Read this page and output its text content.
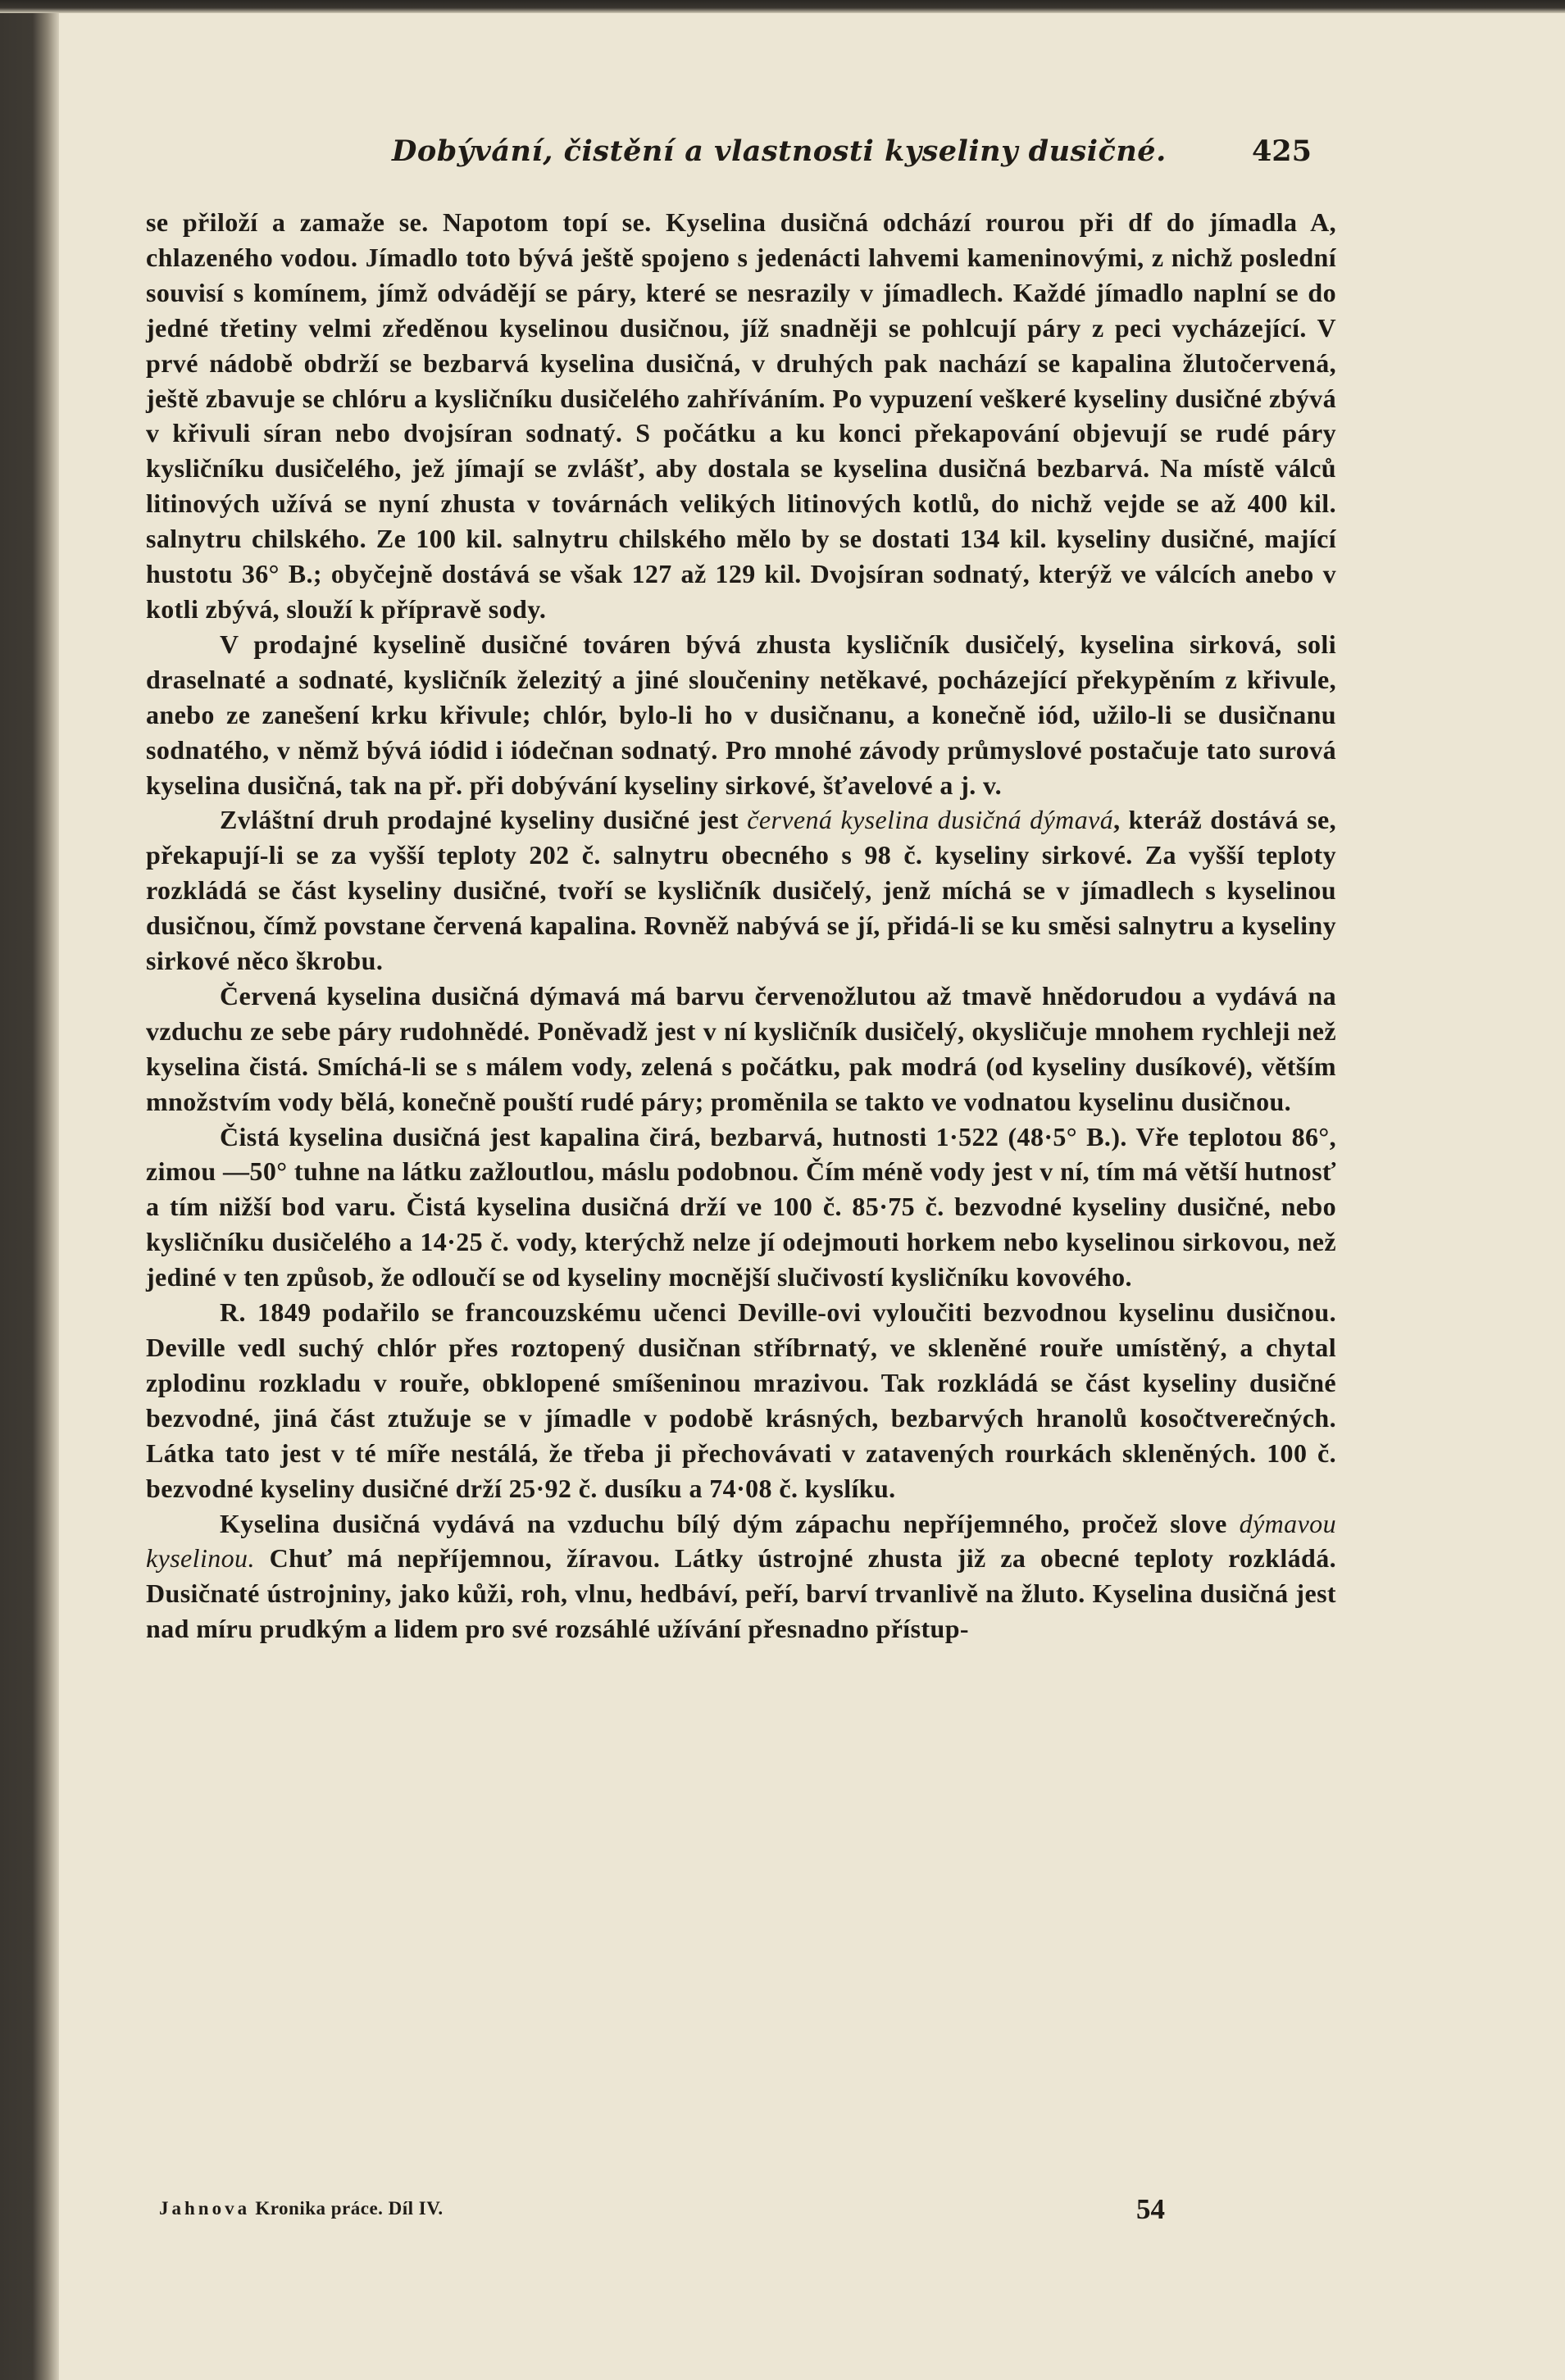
Dobývání, čistění a vlastnosti kyseliny dusičné.	425

se přiloží a zamaže se. Napotom topí se. Kyselina dusičná odchází rourou při df do jímadla A, chlazeného vodou. Jímadlo toto bývá ještě spojeno s jedenácti lahvemi kameninovými, z nichž poslední souvisí s komínem, jímž odvádějí se páry, které se nesrazily v jímadlech. Každé jímadlo naplní se do jedné třetiny velmi zředěnou kyselinou dusičnou, jíž snadněji se pohlcují páry z peci vycházející. V prvé nádobě obdrží se bezbarvá kyselina dusičná, v druhých pak nachází se kapalina žlutočervená, ještě zbavuje se chlóru a kysličníku dusičelého zahříváním. Po vypuzení veškeré kyseliny dusičné zbývá v křivuli síran nebo dvojsíran sodnatý. S počátku a ku konci překapování objevují se rudé páry kysličníku dusičelého, jež jímají se zvlášť, aby dostala se kyselina dusičná bezbarvá. Na místě válců litinových užívá se nyní zhusta v továrnách velikých litinových kotlů, do nichž vejde se až 400 kil. salnytru chilského. Ze 100 kil. salnytru chilského mělo by se dostati 134 kil. kyseliny dusičné, mající hustotu 36° B.; obyčejně dostává se však 127 až 129 kil. Dvojsíran sodnatý, kterýž ve válcích anebo v kotli zbývá, slouží k přípravě sody.

V prodajné kyselině dusičné továren bývá zhusta kysličník dusičelý, kyselina sirková, soli draselnaté a sodnaté, kysličník železitý a jiné sloučeniny netěkavé, pocházející překypěním z křivule, anebo ze zanešení krku křivule; chlór, bylo-li ho v dusičnanu, a konečně iód, užilo-li se dusičnanu sodnatého, v němž bývá iódid i iódečnan sodnatý. Pro mnohé závody průmyslové postačuje tato surová kyselina dusičná, tak na př. při dobývání kyseliny sirkové, šťavelové a j. v.

Zvláštní druh prodajné kyseliny dusičné jest červená kyselina dusičná dýmavá, kteráž dostává se, překapují-li se za vyšší teploty 202 č. salnytru obecného s 98 č. kyseliny sirkové. Za vyšší teploty rozkládá se část kyseliny dusičné, tvoří se kysličník dusičelý, jenž míchá se v jímadlech s kyselinou dusičnou, čímž povstane červená kapalina. Rovněž nabývá se jí, přidá-li se ku směsi salnytru a kyseliny sirkové něco škrobu.

Červená kyselina dusičná dýmavá má barvu červenožlutou až tmavě hnědorudou a vydává na vzduchu ze sebe páry rudohnědé. Poněvadž jest v ní kysličník dusičelý, okysličuje mnohem rychleji než kyselina čistá. Smíchá-li se s málem vody, zelená s počátku, pak modrá (od kyseliny dusíkové), větším množstvím vody bělá, konečně pouští rudé páry; proměnila se takto ve vodnatou kyselinu dusičnou.

Čistá kyselina dusičná jest kapalina čirá, bezbarvá, hutnosti 1·522 (48·5° B.). Vře teplotou 86°, zimou —50° tuhne na látku zažloutlou, máslu podobnou. Čím méně vody jest v ní, tím má větší hutnosť a tím nižší bod varu. Čistá kyselina dusičná drží ve 100 č. 85·75 č. bezvodné kyseliny dusičné, nebo kysličníku dusičelého a 14·25 č. vody, kterýchž nelze jí odejmouti horkem nebo kyselinou sirkovou, než jediné v ten způsob, že odloučí se od kyseliny mocnější slučivostí kysličníku kovového.

R. 1849 podařilo se francouzskému učenci Deville-ovi vyloučiti bezvodnou kyselinu dusičnou. Deville vedl suchý chlór přes roztopený dusičnan stříbrnatý, ve skleněné rouře umístěný, a chytal zplodinu rozkladu v rouře, obklopené smíšeninou mrazivou. Tak rozkládá se část kyseliny dusičné bezvodné, jiná část ztužuje se v jímadle v podobě krásných, bezbarvých hranolů kosočtverečných. Látka tato jest v té míře nestálá, že třeba ji přechovávati v zatavených rourkách skleněných. 100 č. bezvodné kyseliny dusičné drží 25·92 č. dusíku a 74·08 č. kyslíku.

Kyselina dusičná vydává na vzduchu bílý dým zápachu nepříjemného, pročež slove dýmavou kyselinou. Chuť má nepříjemnou, žíravou. Látky ústrojné zhusta již za obecné teploty rozkládá. Dusičnaté ústrojniny, jako kůži, roh, vlnu, hedbáví, peří, barví trvanlivě na žluto. Kyselina dusičná jest nad míru prudkým a lidem pro své rozsáhlé užívání přesnadno přístup-

Jahnova Kronika práce. Díl IV.	54
